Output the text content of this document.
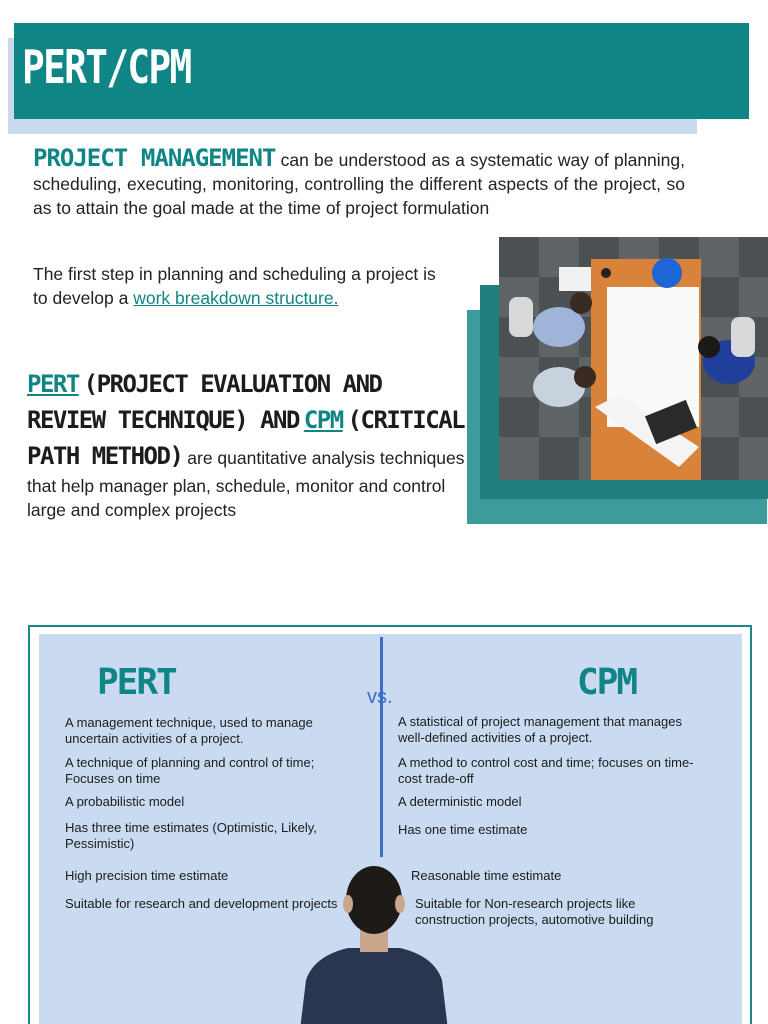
PERT/CPM

PROJECT MANAGEMENT can be understood as a systematic way of planning, scheduling, executing, monitoring, controlling the different aspects of the project, so as to attain the goal made at the time of project formulation

The first step in planning and scheduling a project is to develop a work breakdown structure.

PERT (PROJECT EVALUATION AND REVIEW TECHNIQUE) AND CPM (CRITICAL PATH METHOD) are quantitative analysis techniques that help manager plan, schedule, monitor and control large and complex projects
PERT	CPM
vs.
A management technique, used to manage uncertain activities of a project.
A technique of planning and control of time; Focuses on time
A probabilistic model
Has three time estimates (Optimistic, Likely, Pessimistic)
High precision time estimate
Suitable for research and development projects
A statistical of project management that manages well-defined activities of a project.
A method to control cost and time; focuses on time-cost trade-off
A deterministic model
Has one time estimate
Reasonable time estimate
Suitable for Non-research projects like construction projects, automotive building
